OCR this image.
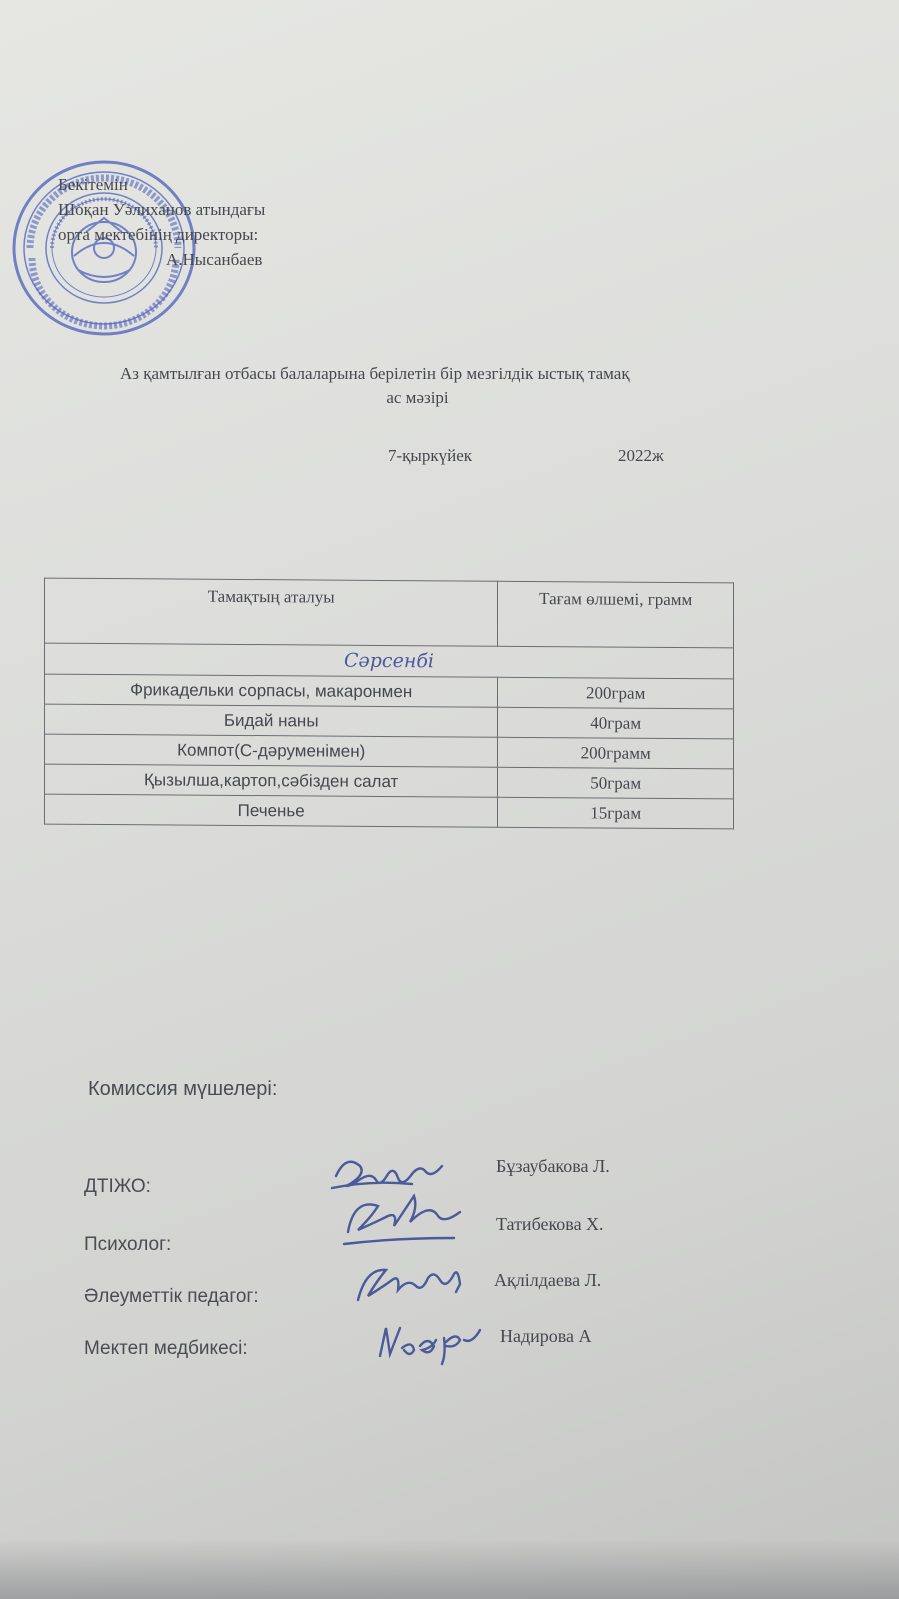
Бекітемін
Шоқан Уәлиханов атындағы
орта мектебінің директоры:
А.Нысанбаев
Аз қамтылған отбасы балаларына берілетін бір мезгілдік ыстық тамақ
ас мәзірі
7-қыркүйек	2022ж
Тамақтың аталуы	Тағам өлшемі, грамм
Сәрсенбі	
Фрикадельки сорпасы, макаронмен	200грам
Бидай наны	40грам
Компот(С-дәруменімен)	200грамм
Қызылша,картоп,сәбізден салат	50грам
Печенье	15грам
Комиссия мүшелері:
ДТІЖО:
Бұзаубакова Л.
Психолог:
Татибекова Х.
Әлеуметтік педагог:
Ақлілдаева Л.
Мектеп медбикесі:
Надирова А
